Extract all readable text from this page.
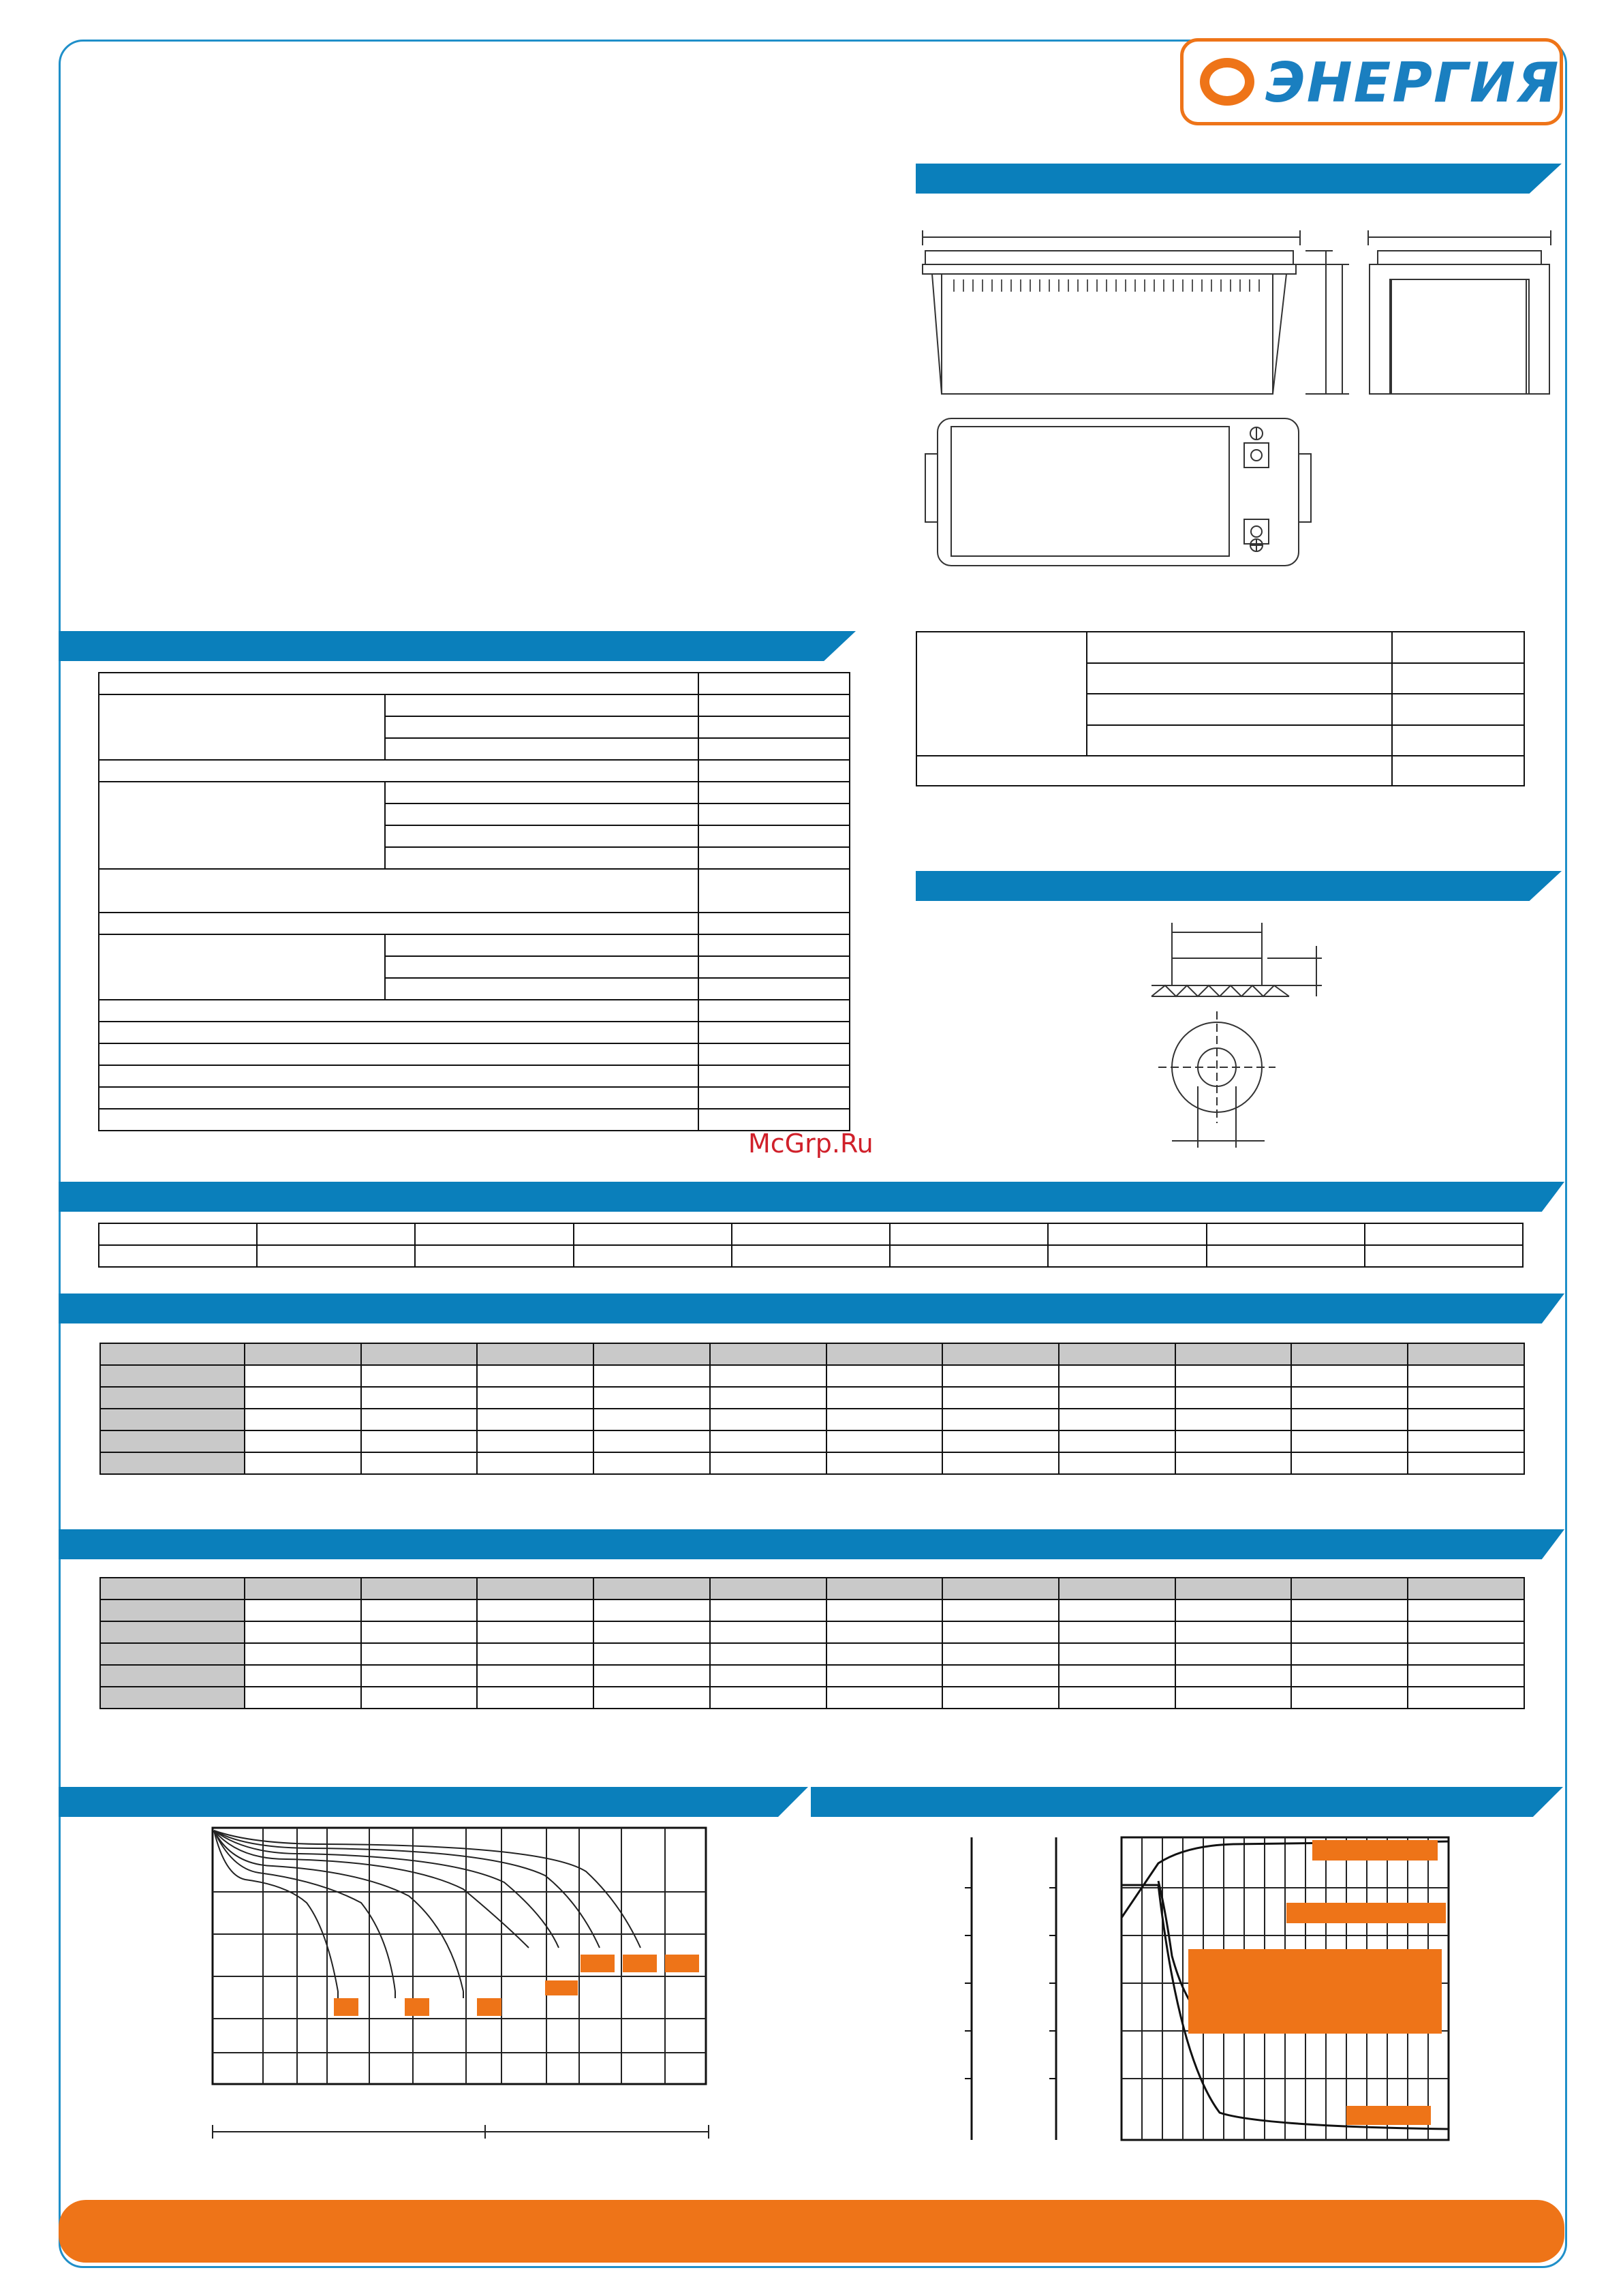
ЭНЕРГИЯ

McGrp.Ru
